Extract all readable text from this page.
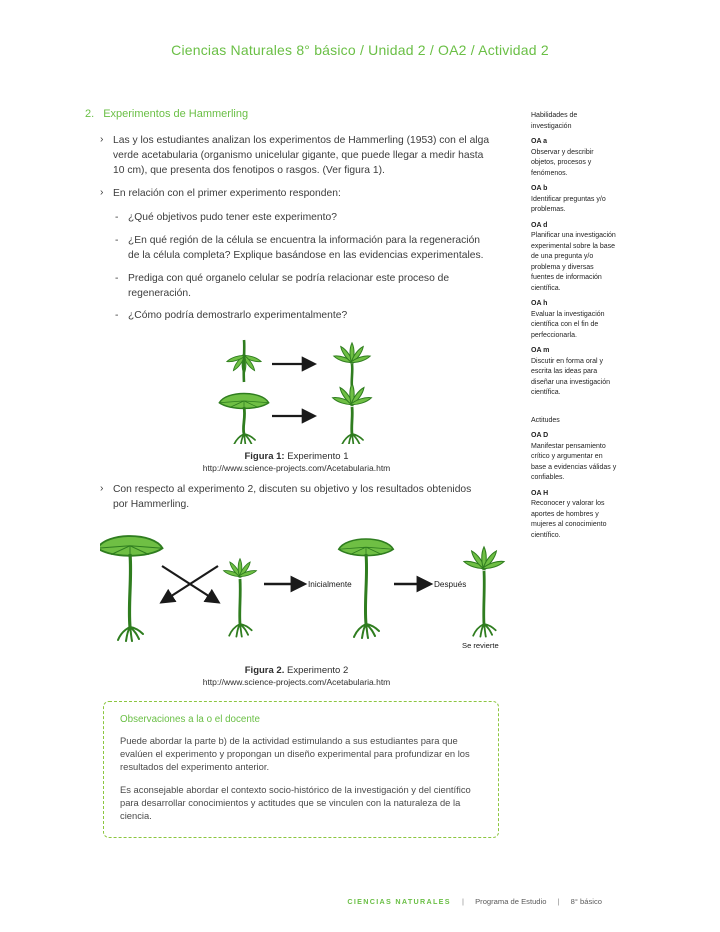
Ciencias Naturales 8° básico / Unidad 2 / OA2 / Actividad 2
2. Experimentos de Hammerling
› Las y los estudiantes analizan los experimentos de Hammerling (1953) con el alga verde acetabularia (organismo unicelular gigante, que puede llegar a medir hasta 10 cm), que presenta dos fenotipos o rasgos. (Ver figura 1).
› En relación con el primer experimento responden:
- ¿Qué objetivos pudo tener este experimento?
- ¿En qué región de la célula se encuentra la información para la regeneración de la célula completa? Explique basándose en las evidencias experimentales.
- Prediga con qué organelo celular se podría relacionar este proceso de regeneración.
- ¿Cómo podría demostrarlo experimentalmente?
Figura 1: Experimento 1
http://www.science-projects.com/Acetabularia.htm
› Con respecto al experimento 2, discuten su objetivo y los resultados obtenidos por Hammerling.
Inicialmente	Después
Se revierte
Figura 2. Experimento 2
http://www.science-projects.com/Acetabularia.htm
Observaciones a la o el docente

Puede abordar la parte b) de la actividad estimulando a sus estudiantes para que evalúen el experimento y propongan un diseño experimental para profundizar en los resultados del experimento anterior.

Es aconsejable abordar el contexto socio-histórico de la investigación y del científico para desarrollar conocimientos y actitudes que se vinculen con la naturaleza de la ciencia.

Habilidades de investigación
OA a
Observar y describir objetos, procesos y fenómenos.
OA b
Identificar preguntas y/o problemas.
OA d
Planificar una investigación experimental sobre la base de una pregunta y/o problema y diversas fuentes de información científica.
OA h
Evaluar la investigación científica con el fin de perfeccionarla.
OA m
Discutir en forma oral y escrita las ideas para diseñar una investigación científica.
Actitudes
OA D
Manifestar pensamiento crítico y argumentar en base a evidencias válidas y confiables.
OA H
Reconocer y valorar los aportes de hombres y mujeres al conocimiento científico.
CIENCIAS NATURALES | Programa de Estudio | 8° básico
